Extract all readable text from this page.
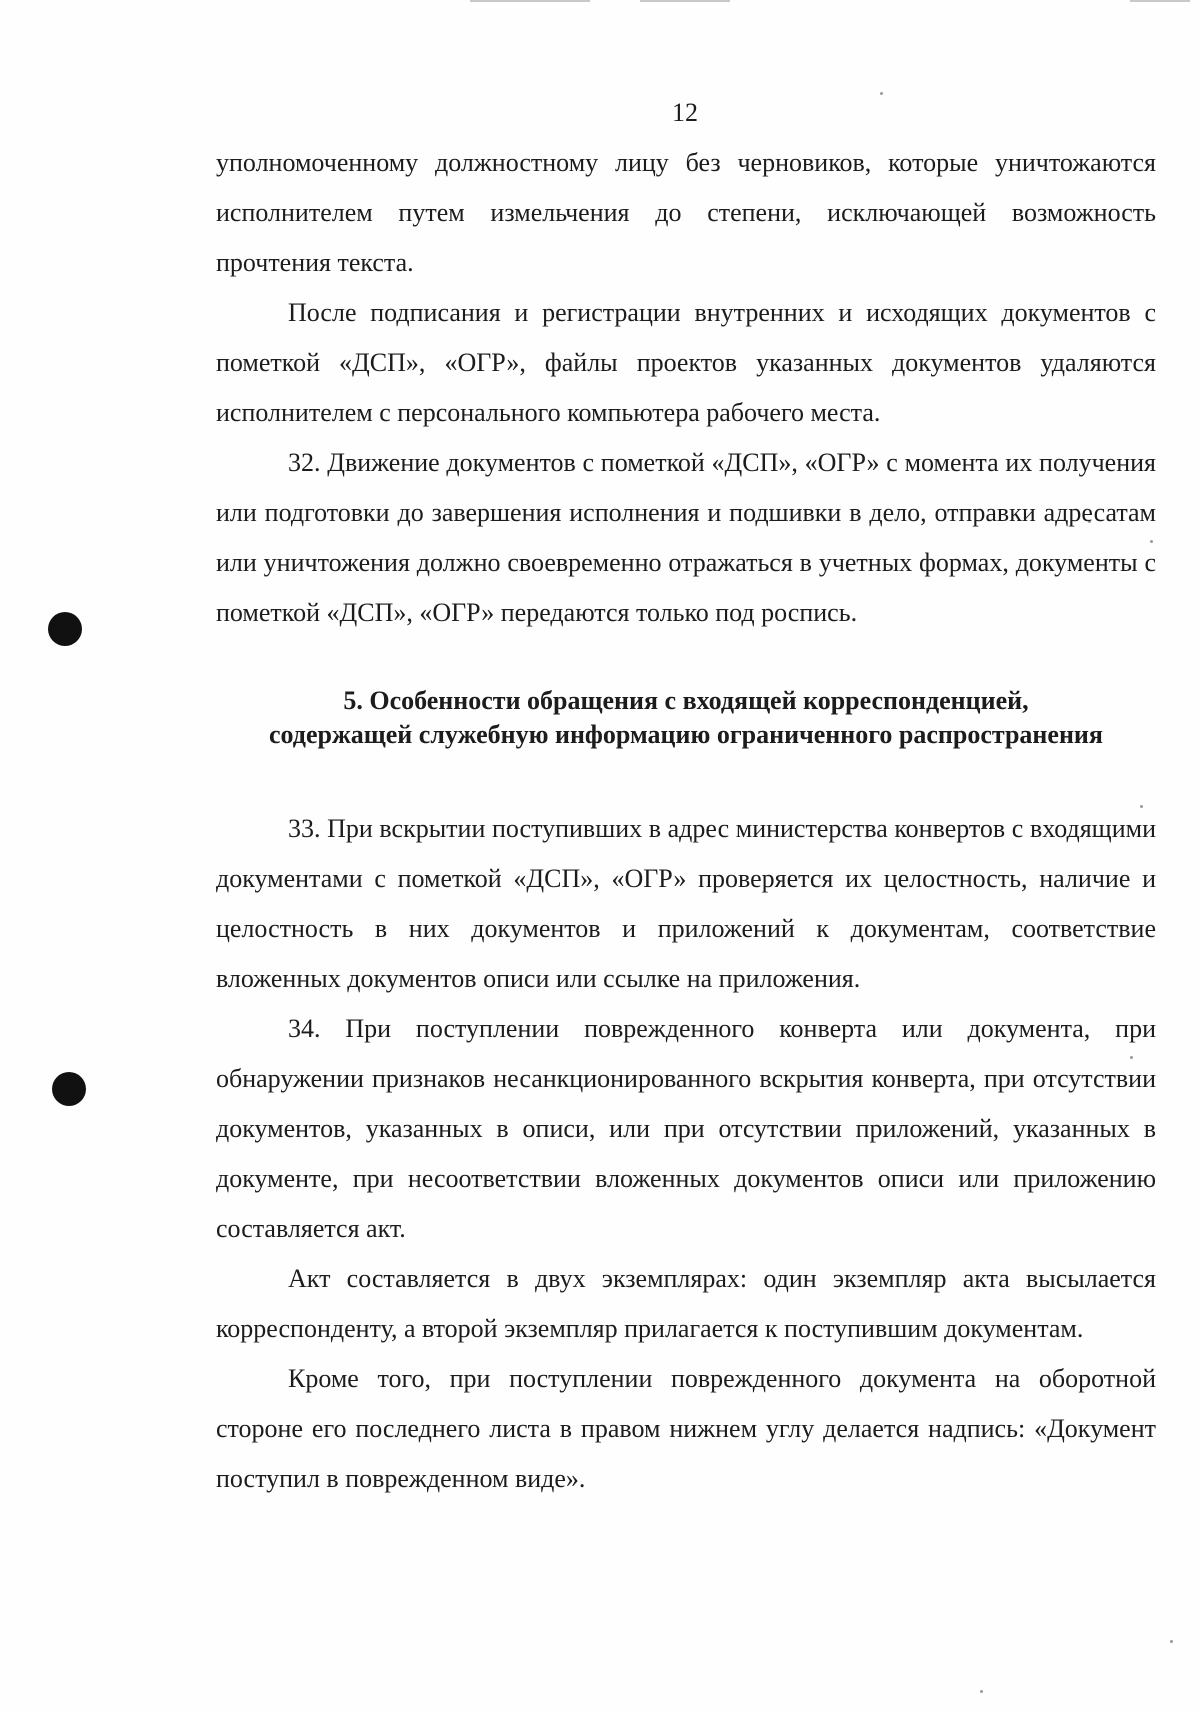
12

уполномоченному должностному лицу без черновиков, которые уничтожаются исполнителем путем измельчения до степени, исключающей возможность прочтения текста.

После подписания и регистрации внутренних и исходящих документов с пометкой «ДСП», «ОГР», файлы проектов указанных документов удаляются исполнителем с персонального компьютера рабочего места.

32. Движение документов с пометкой «ДСП», «ОГР» с момента их получения или подготовки до завершения исполнения и подшивки в дело, отправки адресатам или уничтожения должно своевременно отражаться в учетных формах, документы с пометкой «ДСП», «ОГР» передаются только под роспись.

5. Особенности обращения с входящей корреспонденцией,
содержащей служебную информацию ограниченного распространения

33. При вскрытии поступивших в адрес министерства конвертов с входящими документами с пометкой «ДСП», «ОГР» проверяется их целостность, наличие и целостность в них документов и приложений к документам, соответствие вложенных документов описи или ссылке на приложения.

34. При поступлении поврежденного конверта или документа, при обнаружении признаков несанкционированного вскрытия конверта, при отсутствии документов, указанных в описи, или при отсутствии приложений, указанных в документе, при несоответствии вложенных документов описи или приложению составляется акт.

Акт составляется в двух экземплярах: один экземпляр акта высылается корреспонденту, а второй экземпляр прилагается к поступившим документам.

Кроме того, при поступлении поврежденного документа на оборотной стороне его последнего листа в правом нижнем углу делается надпись: «Документ поступил в поврежденном виде».
